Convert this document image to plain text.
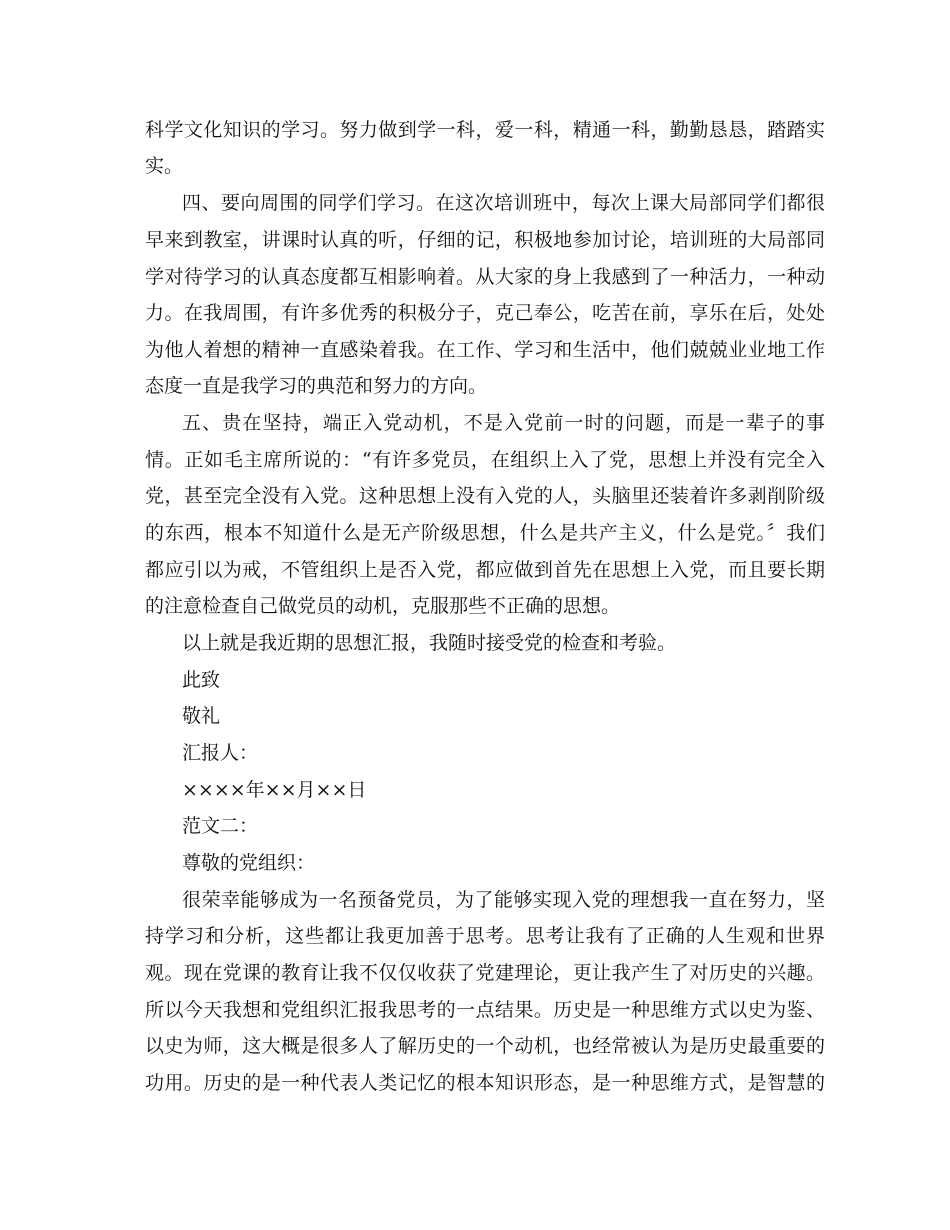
科学文化知识的学习。努力做到学一科，爱一科，精通一科，勤勤恳恳，踏踏实
实。
四、要向周围的同学们学习。在这次培训班中，每次上课大局部同学们都很
早来到教室，讲课时认真的听，仔细的记，积极地参加讨论，培训班的大局部同
学对待学习的认真态度都互相影响着。从大家的身上我感到了一种活力，一种动
力。在我周围，有许多优秀的积极分子，克己奉公，吃苦在前，享乐在后，处处
为他人着想的精神一直感染着我。在工作、学习和生活中，他们兢兢业业地工作
态度一直是我学习的典范和努力的方向。
五、贵在坚持，端正入党动机，不是入党前一时的问题，而是一辈子的事
情。正如毛主席所说的：“有许多党员，在组织上入了党，思想上并没有完全入
党，甚至完全没有入党。这种思想上没有入党的人，头脑里还装着许多剥削阶级
的东西，根本不知道什么是无产阶级思想，什么是共产主义，什么是党。〞我们
都应引以为戒，不管组织上是否入党，都应做到首先在思想上入党，而且要长期
的注意检查自己做党员的动机，克服那些不正确的思想。
以上就是我近期的思想汇报，我随时接受党的检查和考验。
此致
敬礼
汇报人：
××××年××月××日
范文二：
尊敬的党组织：
很荣幸能够成为一名预备党员，为了能够实现入党的理想我一直在努力，坚
持学习和分析，这些都让我更加善于思考。思考让我有了正确的人生观和世界
观。现在党课的教育让我不仅仅收获了党建理论，更让我产生了对历史的兴趣。
所以今天我想和党组织汇报我思考的一点结果。历史是一种思维方式以史为鉴、
以史为师，这大概是很多人了解历史的一个动机，也经常被认为是历史最重要的
功用。历史的是一种代表人类记忆的根本知识形态，是一种思维方式，是智慧的
